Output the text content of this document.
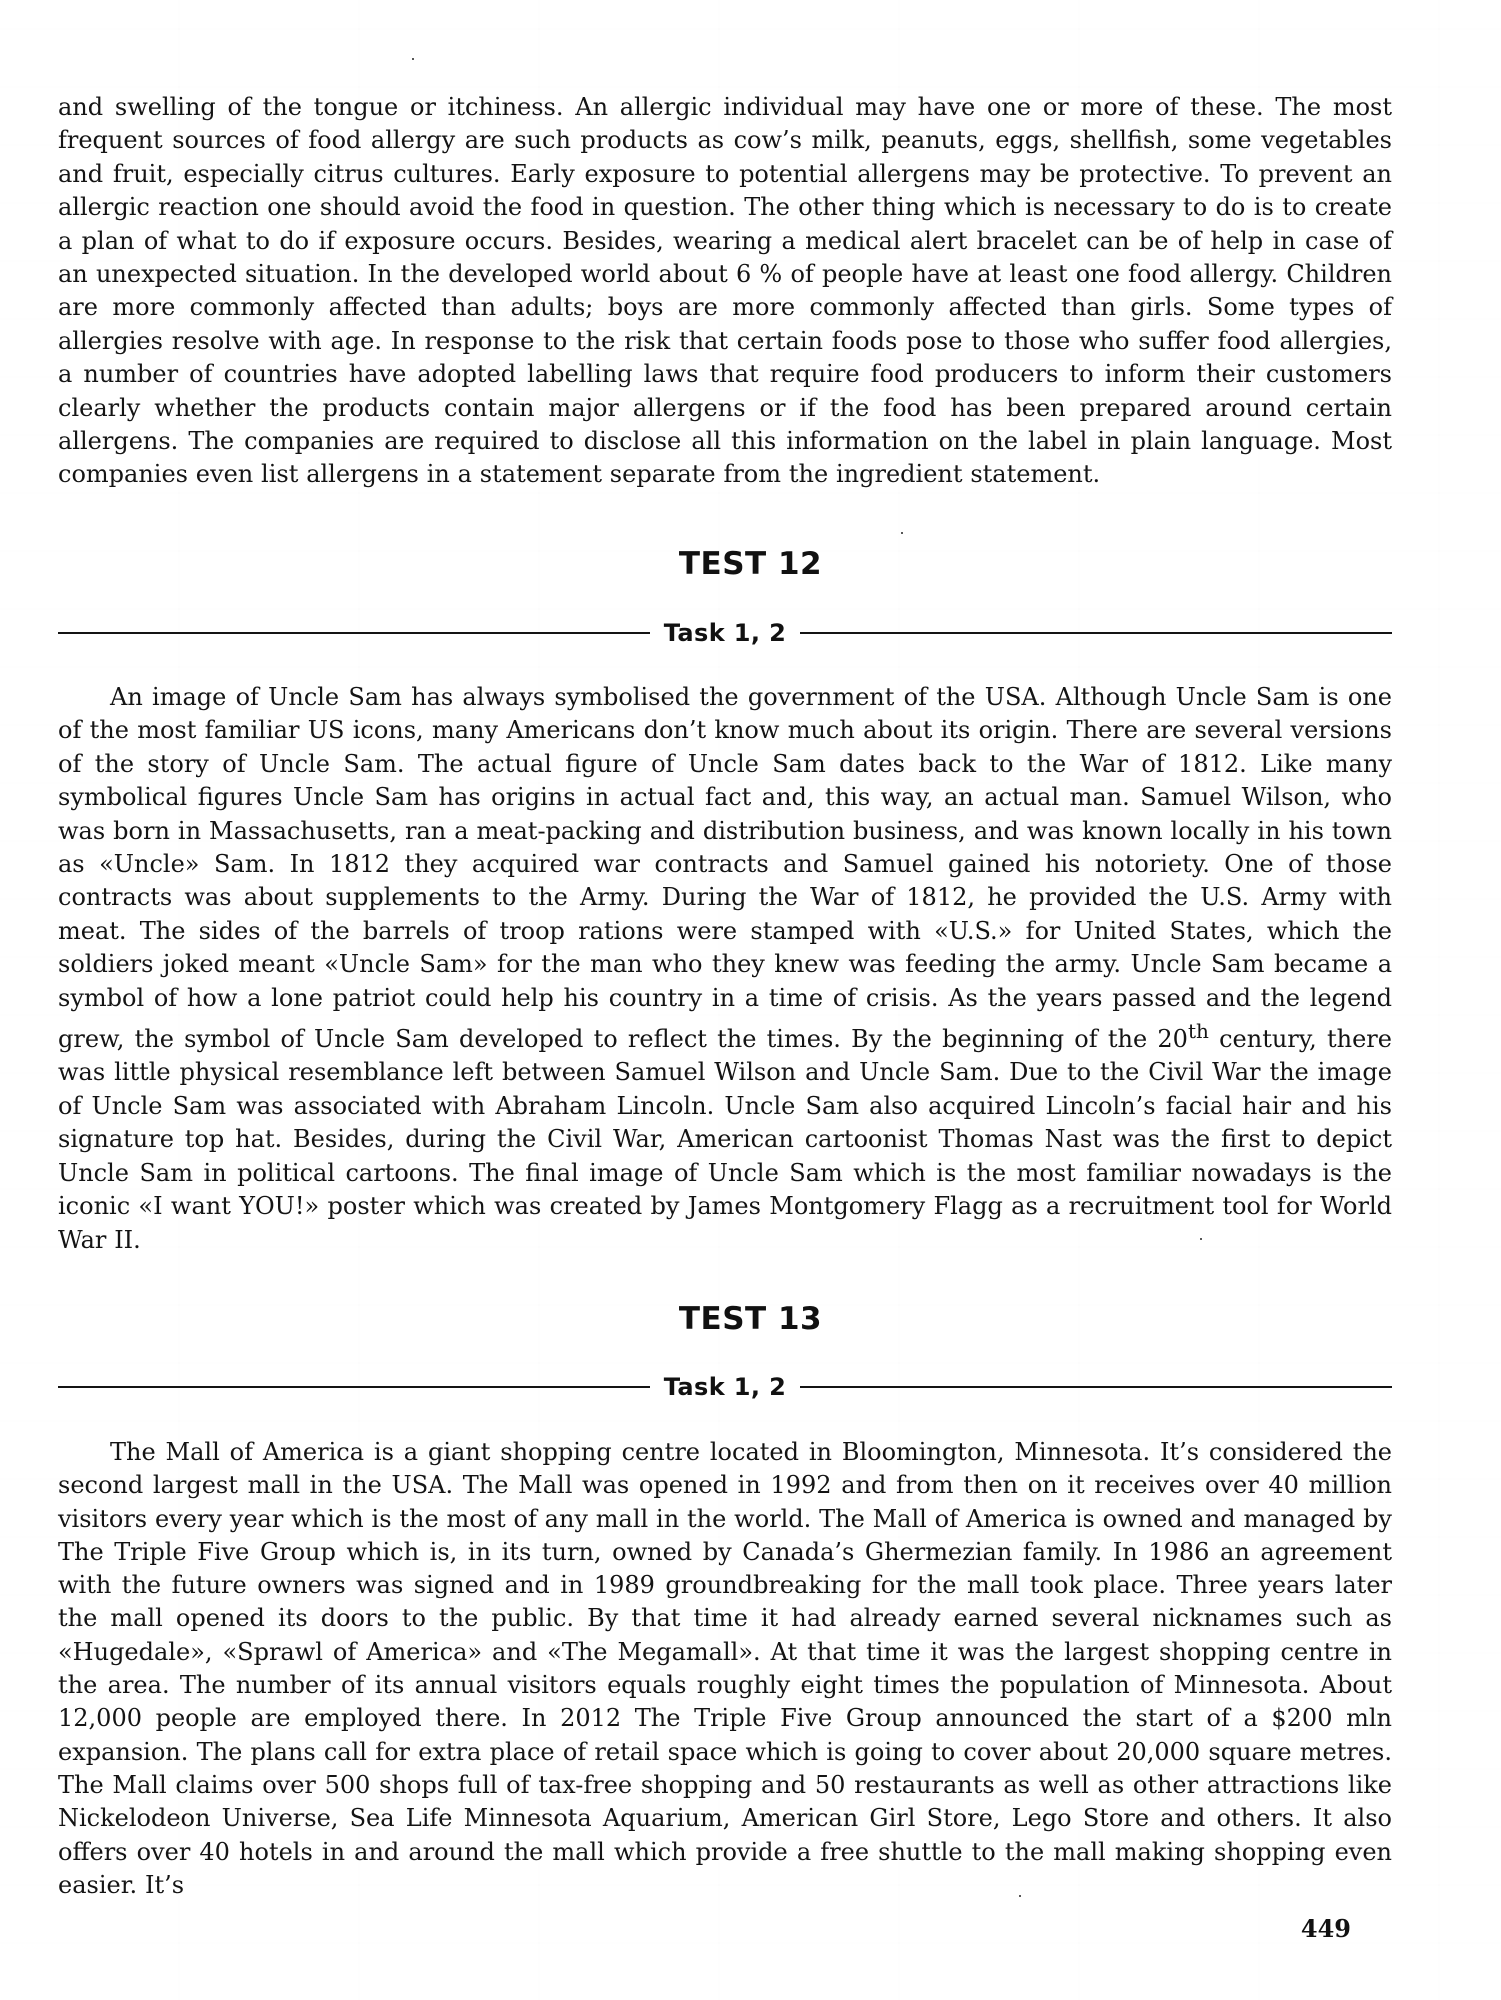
and swelling of the tongue or itchiness. An allergic individual may have one or more of these. The most frequent sources of food allergy are such products as cow’s milk, peanuts, eggs, shellfish, some vegetables and fruit, especially citrus cultures. Early exposure to potential allergens may be protective. To prevent an allergic reaction one should avoid the food in question. The other thing which is necessary to do is to create a plan of what to do if exposure occurs. Besides, wearing a medical alert bracelet can be of help in case of an unexpected situation. In the developed world about 6 % of people have at least one food allergy. Children are more commonly affected than adults; boys are more commonly affected than girls. Some types of allergies resolve with age. In response to the risk that certain foods pose to those who suffer food allergies, a number of countries have adopted labelling laws that require food producers to inform their customers clearly whether the products contain major allergens or if the food has been prepared around certain allergens. The companies are required to disclose all this information on the label in plain language. Most companies even list allergens in a statement separate from the ingredient statement.

TEST 12
Task 1, 2

An image of Uncle Sam has always symbolised the government of the USA. Although Uncle Sam is one of the most familiar US icons, many Americans don’t know much about its origin. There are several versions of the story of Uncle Sam. The actual figure of Uncle Sam dates back to the War of 1812. Like many symbolical figures Uncle Sam has origins in actual fact and, this way, an actual man. Samuel Wilson, who was born in Massachusetts, ran a meat-packing and distribution business, and was known locally in his town as «Uncle» Sam. In 1812 they acquired war contracts and Samuel gained his notoriety. One of those contracts was about supplements to the Army. During the War of 1812, he provided the U.S. Army with meat. The sides of the barrels of troop rations were stamped with «U.S.» for United States, which the soldiers joked meant «Uncle Sam» for the man who they knew was feeding the army. Uncle Sam became a symbol of how a lone patriot could help his country in a time of crisis. As the years passed and the legend grew, the symbol of Uncle Sam developed to reflect the times. By the beginning of the 20th century, there was little physical resemblance left between Samuel Wilson and Uncle Sam. Due to the Civil War the image of Uncle Sam was associated with Abraham Lincoln. Uncle Sam also acquired Lincoln’s facial hair and his signature top hat. Besides, during the Civil War, American cartoonist Thomas Nast was the first to depict Uncle Sam in political cartoons. The final image of Uncle Sam which is the most familiar nowadays is the iconic «I want YOU!» poster which was created by James Montgomery Flagg as a recruitment tool for World War II.

TEST 13
Task 1, 2

The Mall of America is a giant shopping centre located in Bloomington, Minnesota. It’s considered the second largest mall in the USA. The Mall was opened in 1992 and from then on it receives over 40 million visitors every year which is the most of any mall in the world. The Mall of America is owned and managed by The Triple Five Group which is, in its turn, owned by Canada’s Ghermezian family. In 1986 an agreement with the future owners was signed and in 1989 groundbreaking for the mall took place. Three years later the mall opened its doors to the public. By that time it had already earned several nicknames such as «Hugedale», «Sprawl of America» and «The Megamall». At that time it was the largest shopping centre in the area. The number of its annual visitors equals roughly eight times the population of Minnesota. About 12,000 people are employed there. In 2012 The Triple Five Group announced the start of a $200 mln expansion. The plans call for extra place of retail space which is going to cover about 20,000 square metres. The Mall claims over 500 shops full of tax-free shopping and 50 restaurants as well as other attractions like Nickelodeon Universe, Sea Life Minnesota Aquarium, American Girl Store, Lego Store and others. It also offers over 40 hotels in and around the mall which provide a free shuttle to the mall making shopping even easier. It’s

449
